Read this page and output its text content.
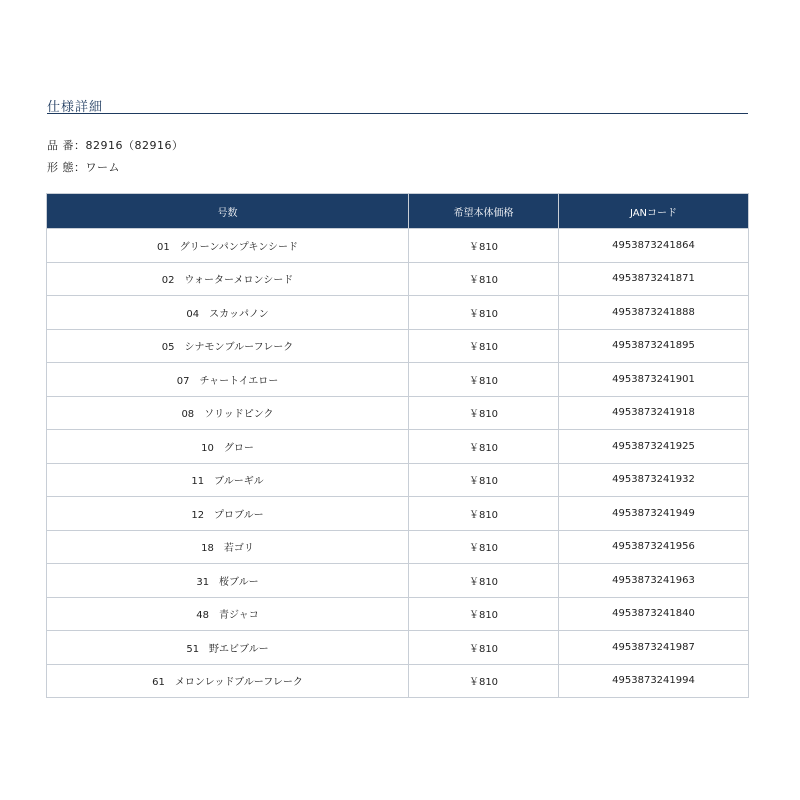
仕様詳細
品 番：82916（82916）
形 態：ワーム
号数	希望本体価格	JANコード
01　グリーンパンプキンシード	￥810	4953873241864
02　ウォーターメロンシード	￥810	4953873241871
04　スカッパノン	￥810	4953873241888
05　シナモンブルーフレーク	￥810	4953873241895
07　チャートイエロー	￥810	4953873241901
08　ソリッドピンク	￥810	4953873241918
10　グロー	￥810	4953873241925
11　ブルーギル	￥810	4953873241932
12　プロブルー	￥810	4953873241949
18　若ゴリ	￥810	4953873241956
31　桜ブルー	￥810	4953873241963
48　青ジャコ	￥810	4953873241840
51　野エビブルー	￥810	4953873241987
61　メロンレッドブルーフレーク	￥810	4953873241994
